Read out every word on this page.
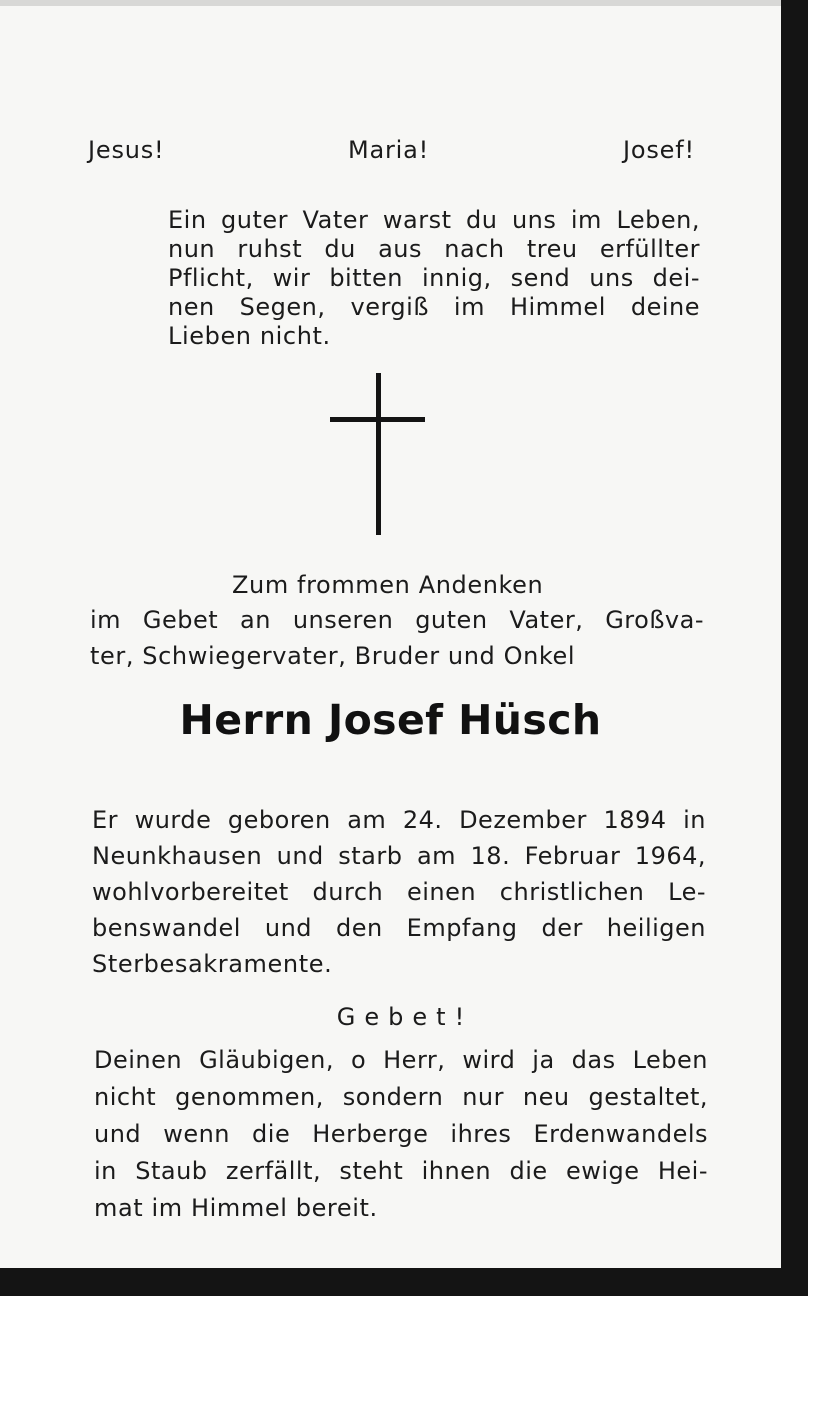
Jesus!	Maria!	Josef!
Ein guter Vater warst du uns im Leben,
nun ruhst du aus nach treu erfüllter
Pflicht, wir bitten innig, send uns dei-
nen Segen, vergiß im Himmel deine
Lieben nicht.
Zum frommen Andenken
im Gebet an unseren guten Vater, Großva-
ter, Schwiegervater, Bruder und Onkel
Herrn Josef Hüsch
Er wurde geboren am 24. Dezember 1894 in
Neunkhausen und starb am 18. Februar 1964,
wohlvorbereitet durch einen christlichen Le-
benswandel und den Empfang der heiligen
Sterbesakramente.
Gebet!
Deinen Gläubigen, o Herr, wird ja das Leben
nicht genommen, sondern nur neu gestaltet,
und wenn die Herberge ihres Erdenwandels
in Staub zerfällt, steht ihnen die ewige Hei-
mat im Himmel bereit.
